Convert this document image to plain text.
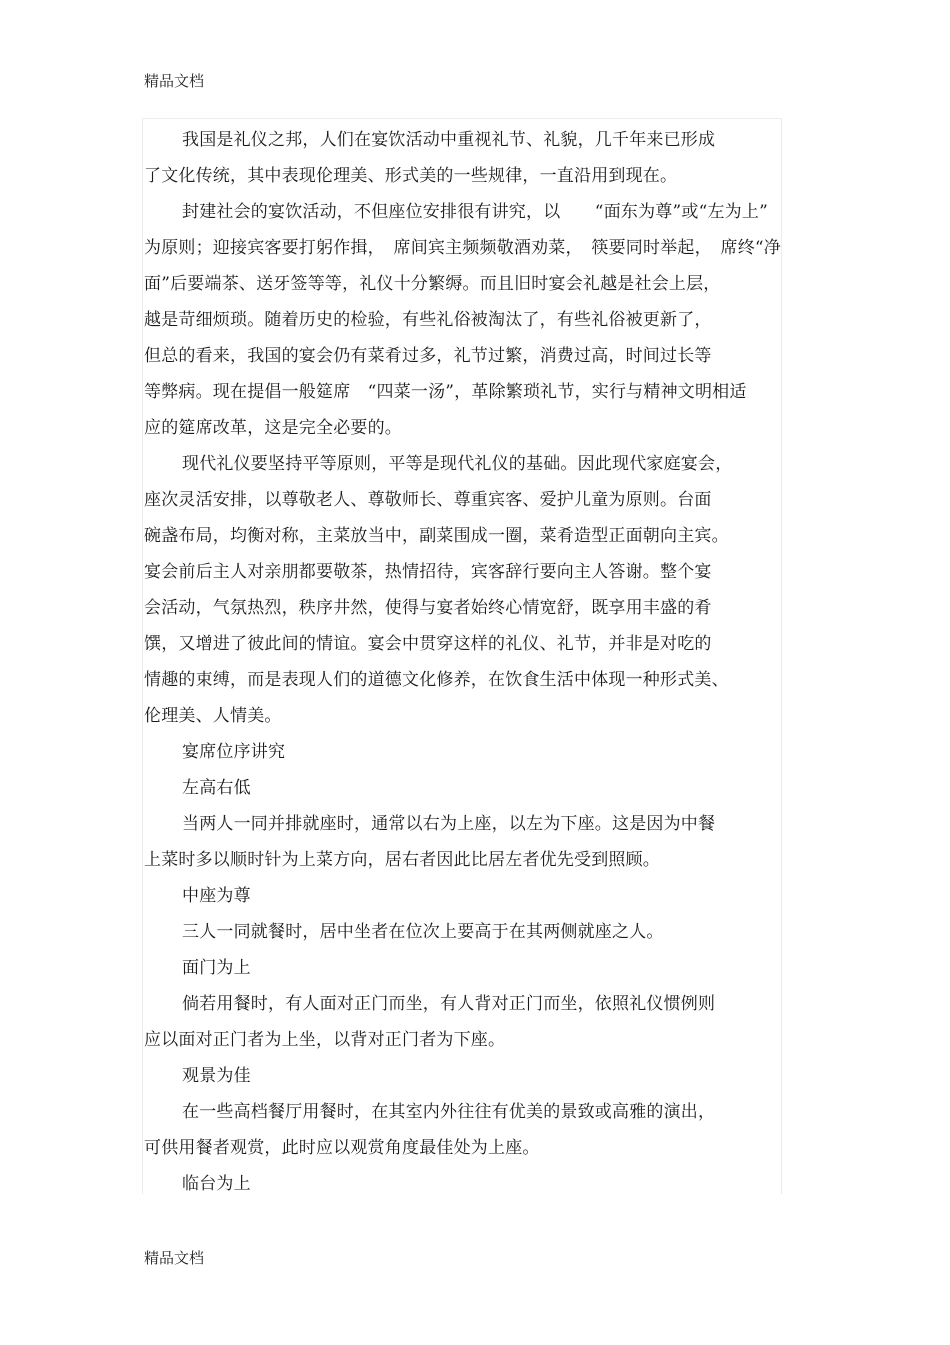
精品文档
我国是礼仪之邦，人们在宴饮活动中重视礼节、礼貌，几千年来已形成
了文化传统，其中表现伦理美、形式美的一些规律，一直沿用到现在。
封建社会的宴饮活动，不但座位安排很有讲究，以　　“面东为尊”或“左为上”
为原则；迎接宾客要打躬作揖，　席间宾主频频敬酒劝菜，　筷要同时举起，　席终“净
面”后要端茶、送牙签等等，礼仪十分繁缛。而且旧时宴会礼越是社会上层，
越是苛细烦琐。随着历史的检验，有些礼俗被淘汰了，有些礼俗被更新了，
但总的看来，我国的宴会仍有菜肴过多，礼节过繁，消费过高，时间过长等
等弊病。现在提倡一般筵席　“四菜一汤”，革除繁琐礼节，实行与精神文明相适
应的筵席改革，这是完全必要的。
现代礼仪要坚持平等原则，平等是现代礼仪的基础。因此现代家庭宴会，
座次灵活安排，以尊敬老人、尊敬师长、尊重宾客、爱护儿童为原则。台面
碗盏布局，均衡对称，主菜放当中，副菜围成一圈，菜肴造型正面朝向主宾。
宴会前后主人对亲朋都要敬茶，热情招待，宾客辞行要向主人答谢。整个宴
会活动，气氛热烈，秩序井然，使得与宴者始终心情宽舒，既享用丰盛的肴
馔，又增进了彼此间的情谊。宴会中贯穿这样的礼仪、礼节，并非是对吃的
情趣的束缚，而是表现人们的道德文化修养，在饮食生活中体现一种形式美、
伦理美、人情美。
宴席位序讲究
左高右低
当两人一同并排就座时，通常以右为上座，以左为下座。这是因为中餐
上菜时多以顺时针为上菜方向，居右者因此比居左者优先受到照顾。
中座为尊
三人一同就餐时，居中坐者在位次上要高于在其两侧就座之人。
面门为上
倘若用餐时，有人面对正门而坐，有人背对正门而坐，依照礼仪惯例则
应以面对正门者为上坐，以背对正门者为下座。
观景为佳
在一些高档餐厅用餐时，在其室内外往往有优美的景致或高雅的演出，
可供用餐者观赏，此时应以观赏角度最佳处为上座。
临台为上
精品文档
